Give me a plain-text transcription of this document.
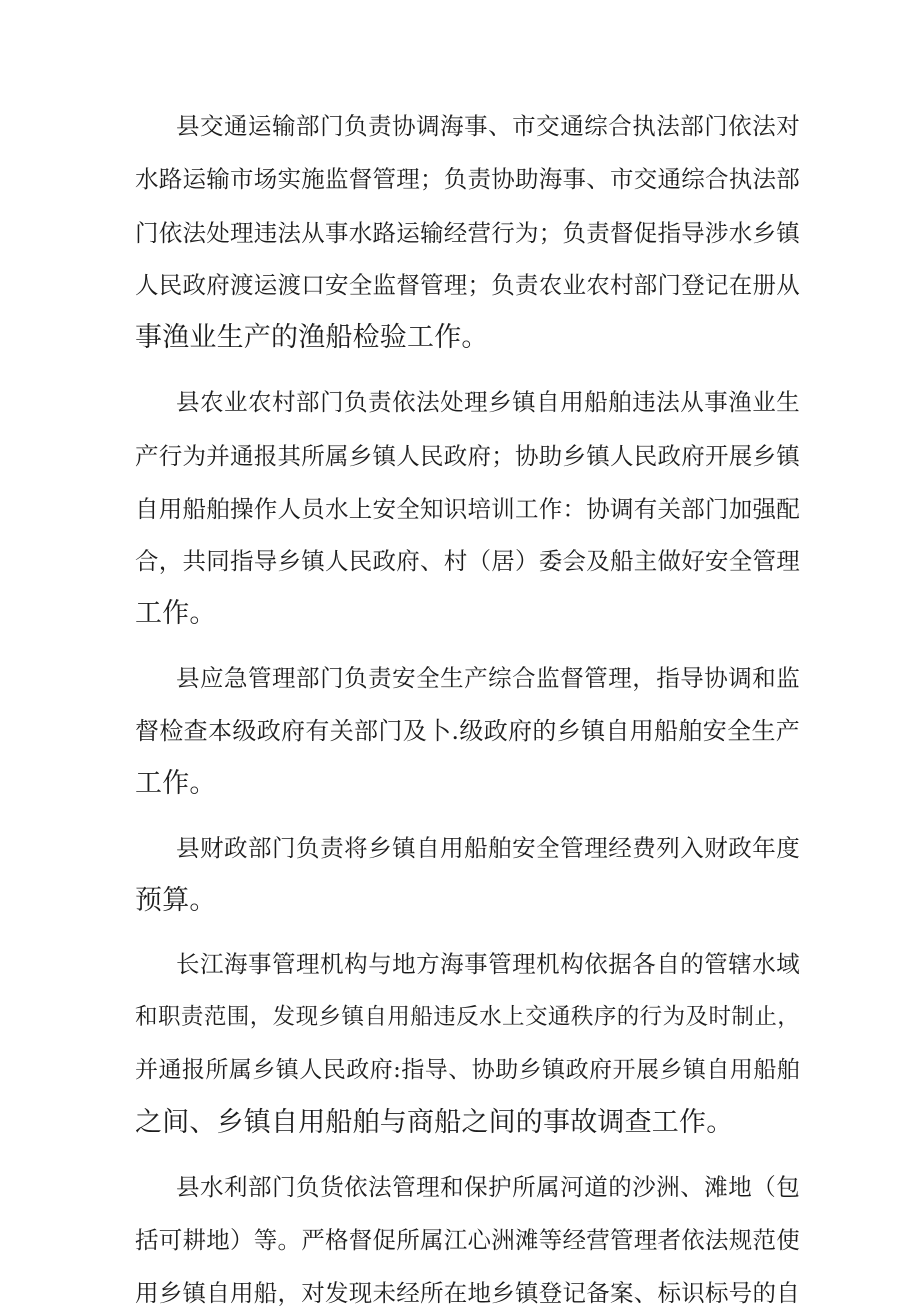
县交通运输部门负责协调海事、市交通综合执法部门依法对
水路运输市场实施监督管理；负责协助海事、市交通综合执法部
门依法处理违法从事水路运输经营行为；负责督促指导涉水乡镇
人民政府渡运渡口安全监督管理；负责农业农村部门登记在册从
事渔业生产的渔船检验工作。
县农业农村部门负责依法处理乡镇自用船舶违法从事渔业生
产行为并通报其所属乡镇人民政府；协助乡镇人民政府开展乡镇
自用船舶操作人员水上安全知识培训工作：协调有关部门加强配
合，共同指导乡镇人民政府、村（居）委会及船主做好安全管理
工作。
县应急管理部门负责安全生产综合监督管理，指导协调和监
督检查本级政府有关部门及卜.级政府的乡镇自用船舶安全生产
工作。
县财政部门负责将乡镇自用船舶安全管理经费列入财政年度
预算。
长江海事管理机构与地方海事管理机构依据各自的管辖水域
和职责范围，发现乡镇自用船违反水上交通秩序的行为及时制止，
并通报所属乡镇人民政府:指导、协助乡镇政府开展乡镇自用船舶
之间、乡镇自用船舶与商船之间的事故调查工作。
县水利部门负货依法管理和保护所属河道的沙洲、滩地（包
括可耕地）等。严格督促所属江心洲滩等经营管理者依法规范使
用乡镇自用船，对发现未经所在地乡镇登记备案、标识标号的自
